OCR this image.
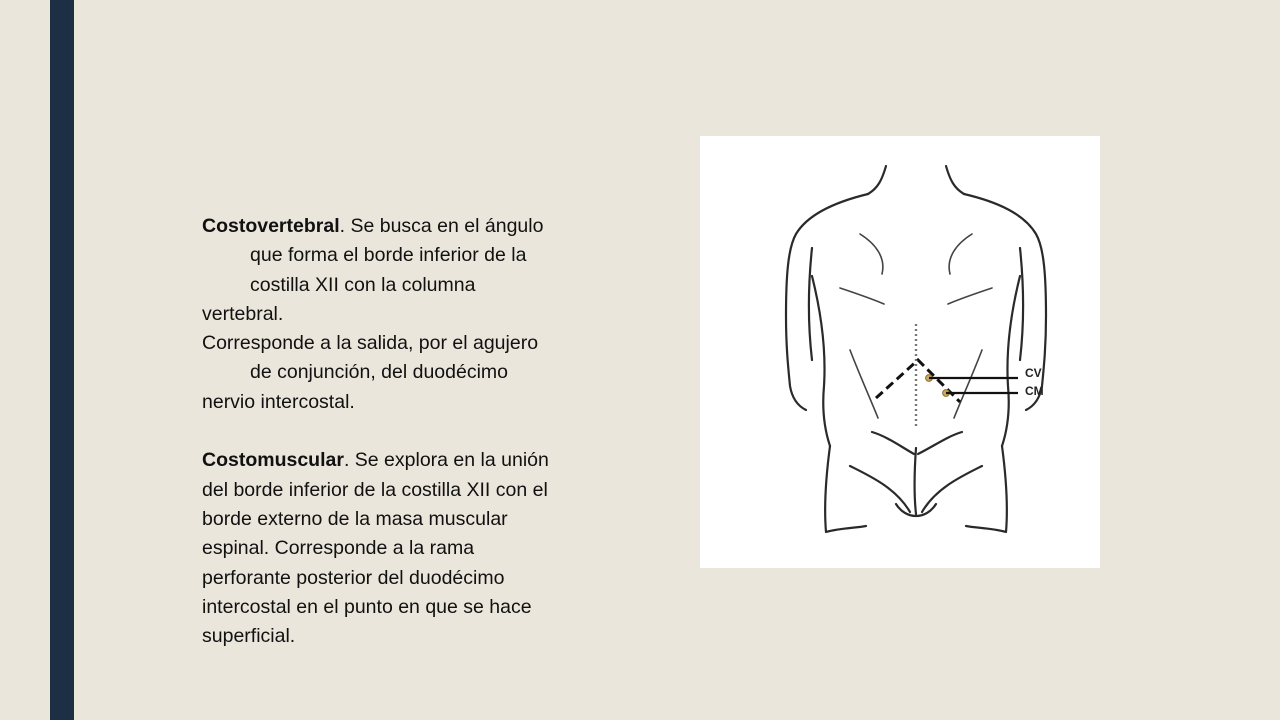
Costovertebral. Se busca en el ángulo

que forma el borde inferior de la

costilla XII con la columna

vertebral.

Corresponde a la salida, por el agujero

de conjunción, del duodécimo

nervio intercostal.

Costomuscular. Se explora en la unión

del borde inferior de la costilla XII con el

borde externo de la masa muscular

espinal. Corresponde a la rama

perforante posterior del duodécimo

intercostal en el punto en que se hace

superficial.

CV
CM
